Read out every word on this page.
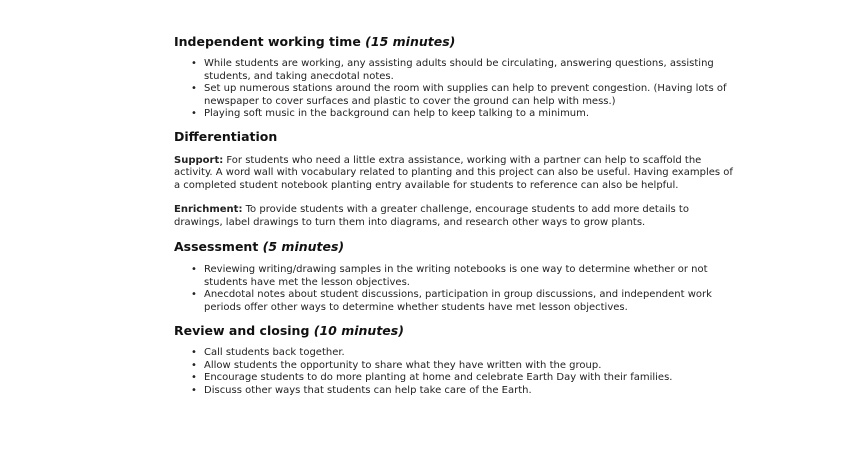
Independent working time (15 minutes)
• While students are working, any assisting adults should be circulating, answering questions, assisting students, and taking anecdotal notes.
• Set up numerous stations around the room with supplies can help to prevent congestion. (Having lots of newspaper to cover surfaces and plastic to cover the ground can help with mess.)
• Playing soft music in the background can help to keep talking to a minimum.
Differentiation

Support: For students who need a little extra assistance, working with a partner can help to scaffold the activity. A word wall with vocabulary related to planting and this project can also be useful. Having examples of a completed student notebook planting entry available for students to reference can also be helpful.

Enrichment: To provide students with a greater challenge, encourage students to add more details to drawings, label drawings to turn them into diagrams, and research other ways to grow plants.

Assessment (5 minutes)
• Reviewing writing/drawing samples in the writing notebooks is one way to determine whether or not students have met the lesson objectives.
• Anecdotal notes about student discussions, participation in group discussions, and independent work periods offer other ways to determine whether students have met lesson objectives.
Review and closing (10 minutes)
• Call students back together.
• Allow students the opportunity to share what they have written with the group.
• Encourage students to do more planting at home and celebrate Earth Day with their families.
• Discuss other ways that students can help take care of the Earth.
